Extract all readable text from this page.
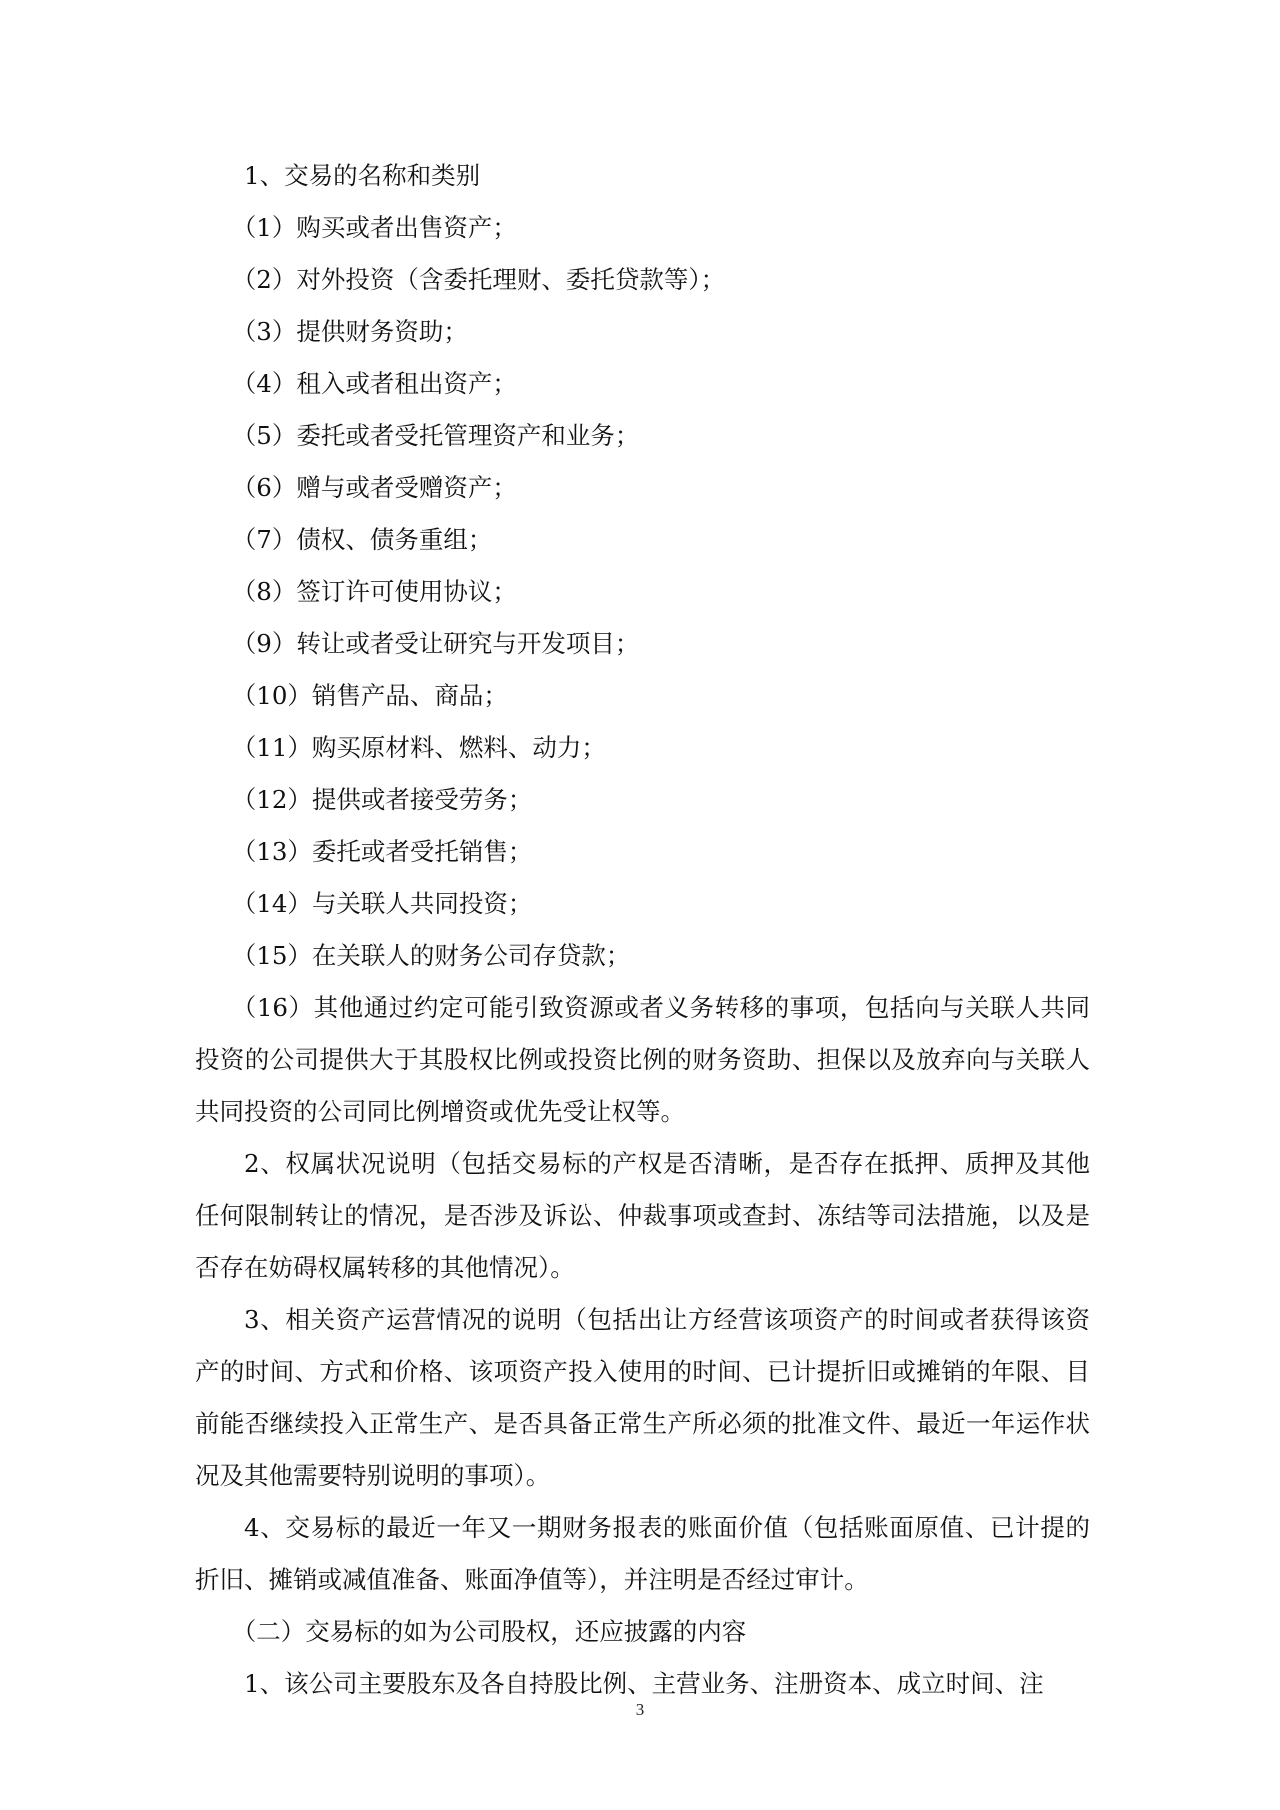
1、交易的名称和类别

（1）购买或者出售资产；

（2）对外投资（含委托理财、委托贷款等）；

（3）提供财务资助；

（4）租入或者租出资产；

（5）委托或者受托管理资产和业务；

（6）赠与或者受赠资产；

（7）债权、债务重组；

（8）签订许可使用协议；

（9）转让或者受让研究与开发项目；

（10）销售产品、商品；

（11）购买原材料、燃料、动力；

（12）提供或者接受劳务；

（13）委托或者受托销售；

（14）与关联人共同投资；

（15）在关联人的财务公司存贷款；

（16）其他通过约定可能引致资源或者义务转移的事项，包括向与关联人共同投资的公司提供大于其股权比例或投资比例的财务资助、担保以及放弃向与关联人共同投资的公司同比例增资或优先受让权等。

2、权属状况说明（包括交易标的产权是否清晰，是否存在抵押、质押及其他任何限制转让的情况，是否涉及诉讼、仲裁事项或查封、冻结等司法措施，以及是否存在妨碍权属转移的其他情况）。

3、相关资产运营情况的说明（包括出让方经营该项资产的时间或者获得该资产的时间、方式和价格、该项资产投入使用的时间、已计提折旧或摊销的年限、目前能否继续投入正常生产、是否具备正常生产所必须的批准文件、最近一年运作状况及其他需要特别说明的事项）。

4、交易标的最近一年又一期财务报表的账面价值（包括账面原值、已计提的折旧、摊销或减值准备、账面净值等），并注明是否经过审计。

（二）交易标的如为公司股权，还应披露的内容

1、该公司主要股东及各自持股比例、主营业务、注册资本、成立时间、注

3
